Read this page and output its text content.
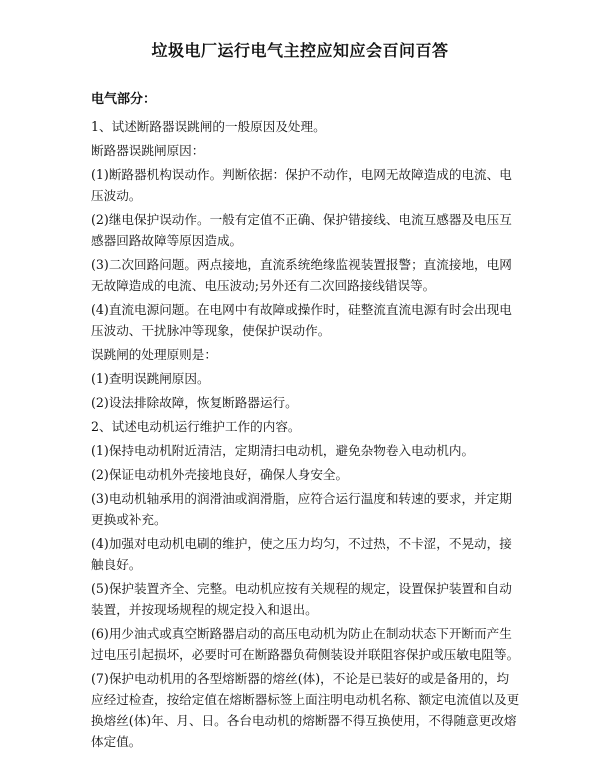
垃圾电厂运行电气主控应知应会百问百答
电气部分：
1、试述断路器误跳闸的一般原因及处理。
断路器误跳闸原因：
(1)断路器机构误动作。判断依据：保护不动作，电网无故障造成的电流、电压波动。
(2)继电保护误动作。一般有定值不正确、保护错接线、电流互感器及电压互感器回路故障等原因造成。
(3)二次回路问题。两点接地，直流系统绝缘监视装置报警；直流接地，电网无故障造成的电流、电压波动;另外还有二次回路接线错误等。
(4)直流电源问题。在电网中有故障或操作时，硅整流直流电源有时会出现电压波动、干扰脉冲等现象，使保护误动作。
误跳闸的处理原则是：
(1)查明误跳闸原因。
(2)设法排除故障，恢复断路器运行。
2、试述电动机运行维护工作的内容。
(1)保持电动机附近清洁，定期清扫电动机，避免杂物卷入电动机内。
(2)保证电动机外壳接地良好，确保人身安全。
(3)电动机轴承用的润滑油或润滑脂，应符合运行温度和转速的要求，并定期更换或补充。
(4)加强对电动机电刷的维护，使之压力均匀，不过热，不卡涩，不晃动，接触良好。
(5)保护装置齐全、完整。电动机应按有关规程的规定，设置保护装置和自动装置，并按现场规程的规定投入和退出。
(6)用少油式或真空断路器启动的高压电动机为防止在制动状态下开断而产生过电压引起损坏，必要时可在断路器负荷侧装设并联阻容保护或压敏电阻等。
(7)保护电动机用的各型熔断器的熔丝(体)，不论是已装好的或是备用的，均应经过检查，按给定值在熔断器标签上面注明电动机名称、额定电流值以及更换熔丝(体)年、月、日。各台电动机的熔断器不得互换使用，不得随意更改熔体定值。
